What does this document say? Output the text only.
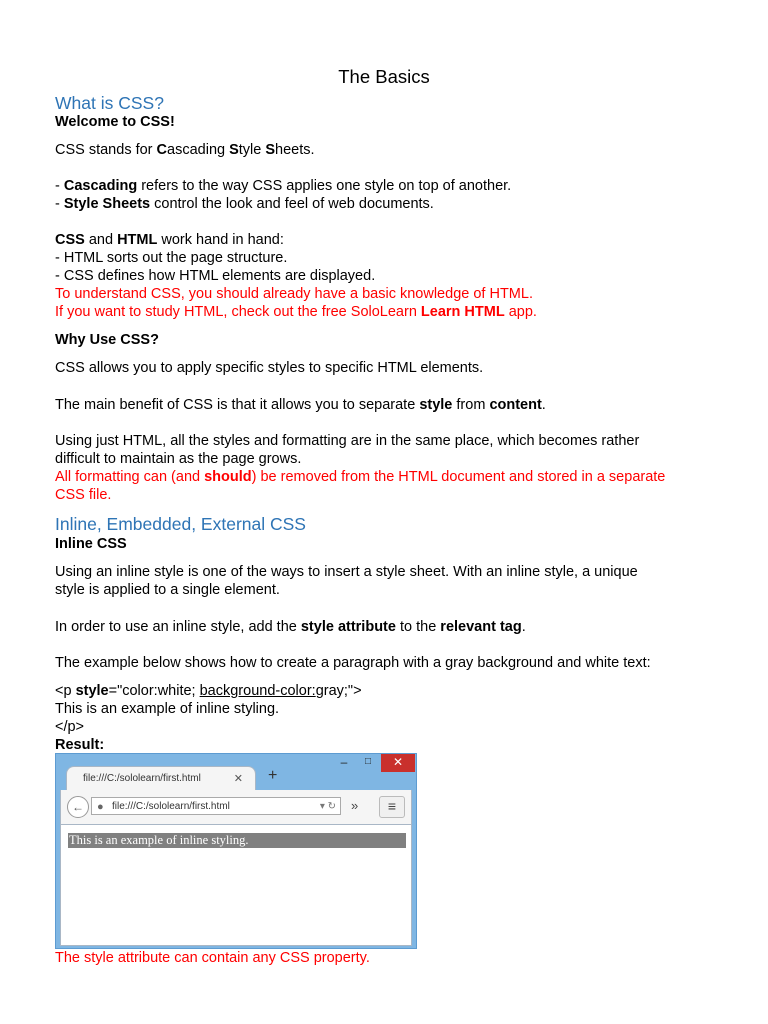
The Basics
What is CSS?
Welcome to CSS!
CSS stands for Cascading Style Sheets.
- Cascading refers to the way CSS applies one style on top of another.
- Style Sheets control the look and feel of web documents.
CSS and HTML work hand in hand:
- HTML sorts out the page structure.
- CSS defines how HTML elements are displayed.
To understand CSS, you should already have a basic knowledge of HTML.
If you want to study HTML, check out the free SoloLearn Learn HTML app.
Why Use CSS?
CSS allows you to apply specific styles to specific HTML elements.
The main benefit of CSS is that it allows you to separate style from content.
Using just HTML, all the styles and formatting are in the same place, which becomes rather
difficult to maintain as the page grows.
All formatting can (and should) be removed from the HTML document and stored in a separate
CSS file.
Inline, Embedded, External CSS
Inline CSS
Using an inline style is one of the ways to insert a style sheet. With an inline style, a unique
style is applied to a single element.
In order to use an inline style, add the style attribute to the relevant tag.
The example below shows how to create a paragraph with a gray background and white text:
<p style="color:white; background-color:gray;">
This is an example of inline styling.
</p>
Result:
–	□	✕
file:///C:/sololearn/first.html	✕ +
←	● file:///C:/sololearn/first.html	▾ ↻ »	≡
This is an example of inline styling.
The style attribute can contain any CSS property.
